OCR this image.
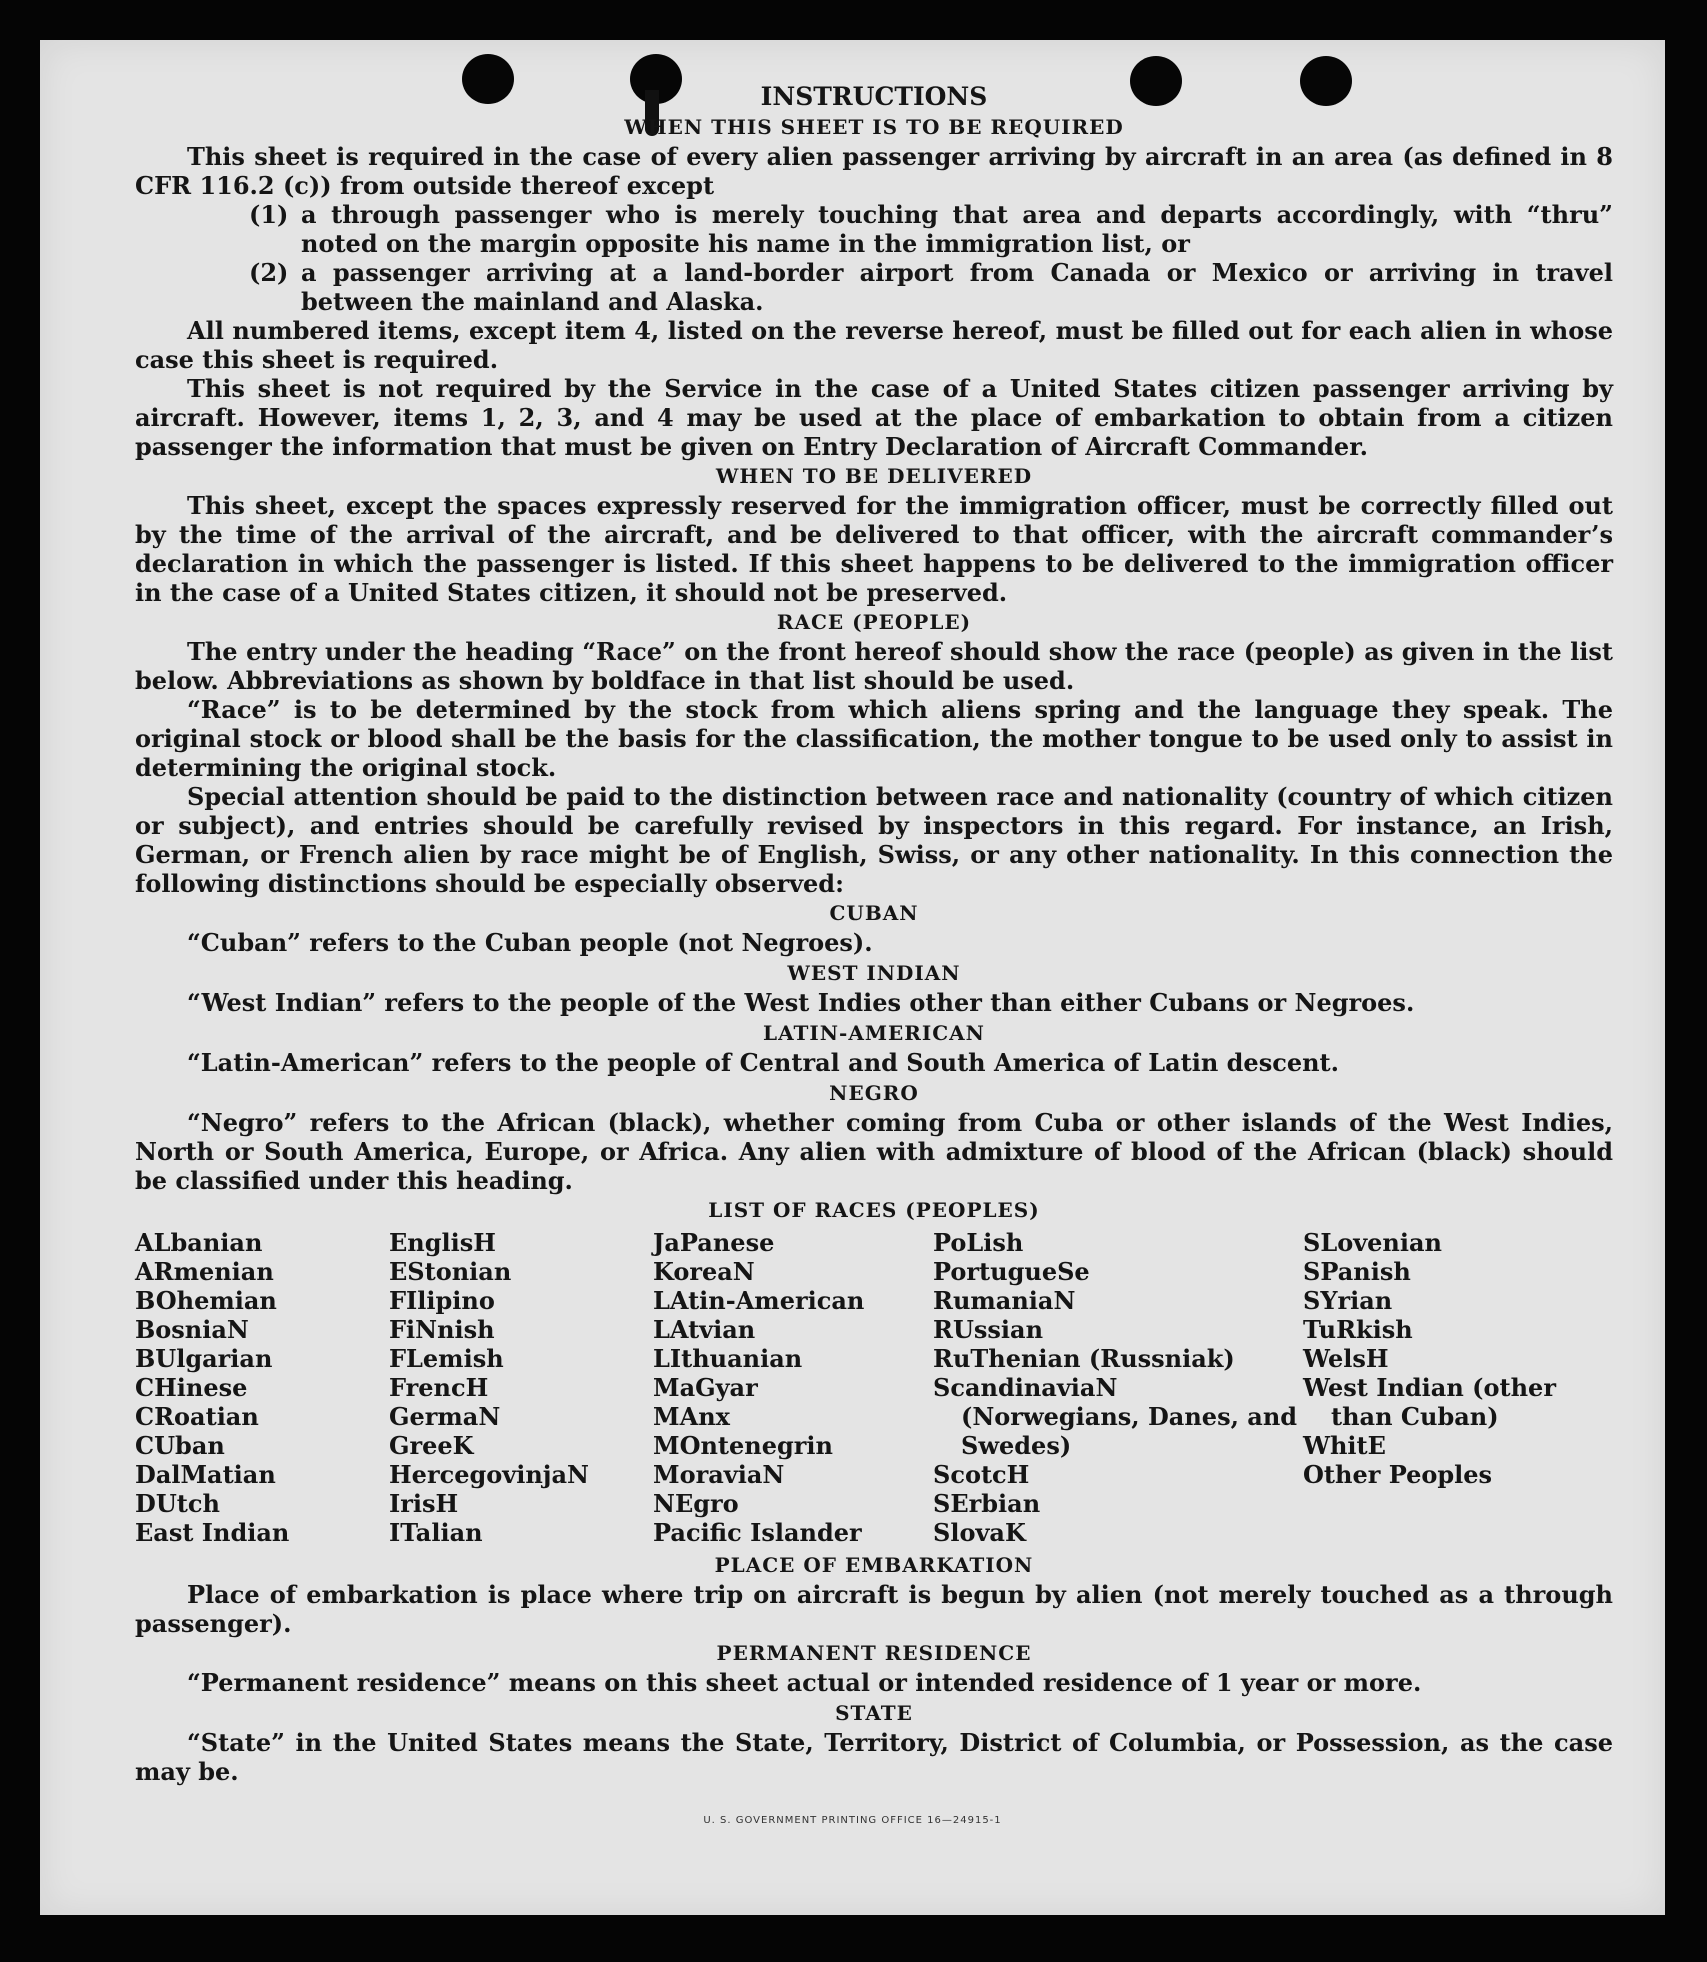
INSTRUCTIONS
WHEN THIS SHEET IS TO BE REQUIRED

This sheet is required in the case of every alien passenger arriving by aircraft in an area (as defined in 8 CFR 116.2 (c)) from outside thereof except

(1) a through passenger who is merely touching that area and departs accordingly, with “thru” noted on the margin opposite his name in the immigration list, or
(2) a passenger arriving at a land-border airport from Canada or Mexico or arriving in travel between the mainland and Alaska.

All numbered items, except item 4, listed on the reverse hereof, must be filled out for each alien in whose case this sheet is required.

This sheet is not required by the Service in the case of a United States citizen passenger arriving by aircraft. However, items 1, 2, 3, and 4 may be used at the place of embarkation to obtain from a citizen passenger the information that must be given on Entry Declaration of Aircraft Commander.

WHEN TO BE DELIVERED

This sheet, except the spaces expressly reserved for the immigration officer, must be correctly filled out by the time of the arrival of the aircraft, and be delivered to that officer, with the aircraft commander’s declaration in which the passenger is listed. If this sheet happens to be delivered to the immigration officer in the case of a United States citizen, it should not be preserved.

RACE (PEOPLE)

The entry under the heading “Race” on the front hereof should show the race (people) as given in the list below. Abbreviations as shown by boldface in that list should be used.

“Race” is to be determined by the stock from which aliens spring and the language they speak. The original stock or blood shall be the basis for the classification, the mother tongue to be used only to assist in determining the original stock.

Special attention should be paid to the distinction between race and nationality (country of which citizen or subject), and entries should be carefully revised by inspectors in this regard. For instance, an Irish, German, or French alien by race might be of English, Swiss, or any other nationality. In this connection the following distinctions should be especially observed:

CUBAN

“Cuban” refers to the Cuban people (not Negroes).

WEST INDIAN

“West Indian” refers to the people of the West Indies other than either Cubans or Negroes.

LATIN-AMERICAN

“Latin-American” refers to the people of Central and South America of Latin descent.

NEGRO

“Negro” refers to the African (black), whether coming from Cuba or other islands of the West Indies, North or South America, Europe, or Africa. Any alien with admixture of blood of the African (black) should be classified under this heading.

LIST OF RACES (PEOPLES)
ALbanian
ARmenian
BOhemian
BosniaN
BUlgarian
CHinese
CRoatian
CUban
DalMatian
DUtch
East Indian
EnglisH
EStonian
FIlipino
FiNnish
FLemish
FrencH
GermaN
GreeK
HercegovinjaN
IrisH
ITalian
JaPanese
KoreaN
LAtin-American
LAtvian
LIthuanian
MaGyar
MAnx
MOntenegrin
MoraviaN
NEgro
Pacific Islander
PoLish
PortugueSe
RumaniaN
RUssian
RuThenian (Russniak)
ScandinaviaN (Norwegians, Danes, and Swedes)
ScotcH
SErbian
SlovaK
SLovenian
SPanish
SYrian
TuRkish
WelsH
West Indian (other than Cuban)
WhitE
Other Peoples
PLACE OF EMBARKATION

Place of embarkation is place where trip on aircraft is begun by alien (not merely touched as a through passenger).

PERMANENT RESIDENCE

“Permanent residence” means on this sheet actual or intended residence of 1 year or more.

STATE

“State” in the United States means the State, Territory, District of Columbia, or Possession, as the case may be.

U. S. GOVERNMENT PRINTING OFFICE 16—24915-1
